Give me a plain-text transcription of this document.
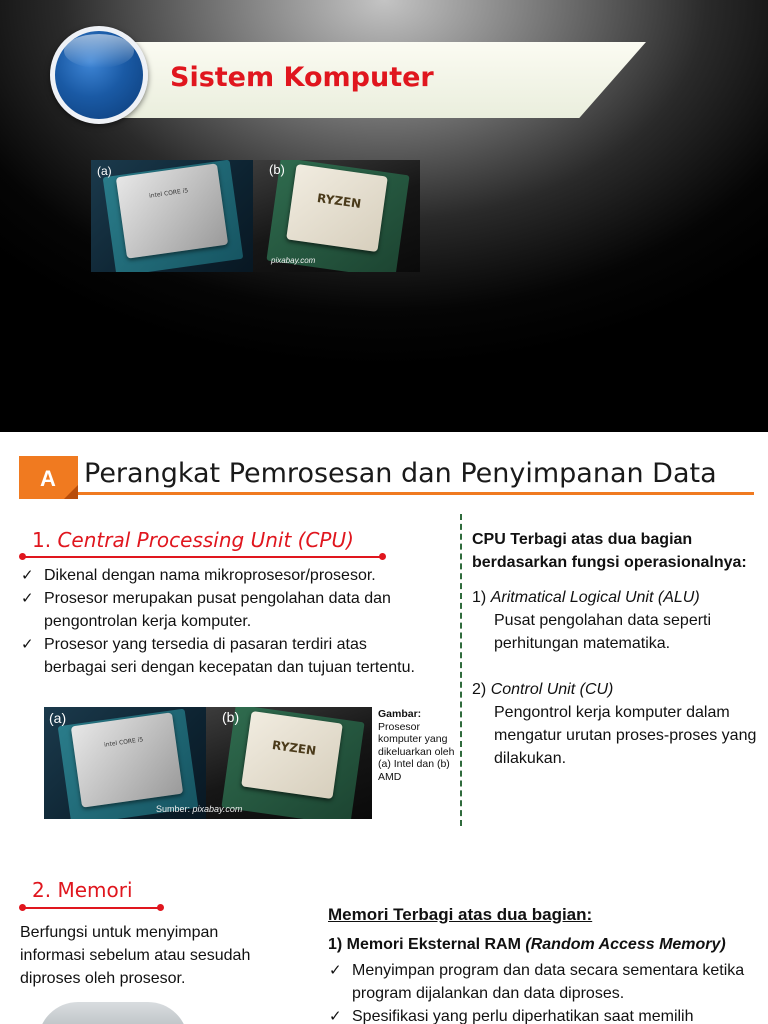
Sistem Komputer
intel CORE i5
(a)
RYZEN
(b)
pixabay.com
A Perangkat Pemrosesan dan Penyimpanan Data
1. Central Processing Unit (CPU)
✓ Dikenal dengan nama mikroprosesor/prosesor.
✓ Prosesor merupakan pusat pengolahan data dan pengontrolan kerja komputer.
✓ Prosesor yang tersedia di pasaran terdiri atas berbagai seri dengan kecepatan dan tujuan tertentu.
intel CORE i5
(a)
RYZEN
(b)
Sumber: pixabay.com
Gambar:
Prosesor komputer yang dikeluarkan oleh (a) Intel dan (b) AMD
CPU Terbagi atas dua bagian berdasarkan fungsi operasionalnya:
1) Aritmatical Logical Unit (ALU)
Pusat pengolahan data seperti perhitungan matematika.
2) Control Unit (CU)
Pengontrol kerja komputer dalam mengatur urutan proses-proses yang dilakukan.
2. Memori
Berfungsi untuk menyimpan informasi sebelum atau sesudah diproses oleh prosesor.
Memori Terbagi atas dua bagian:
1) Memori Eksternal RAM (Random Access Memory)
✓ Menyimpan program dan data secara sementara ketika program dijalankan dan data diproses.
✓ Spesifikasi yang perlu diperhatikan saat memilih
